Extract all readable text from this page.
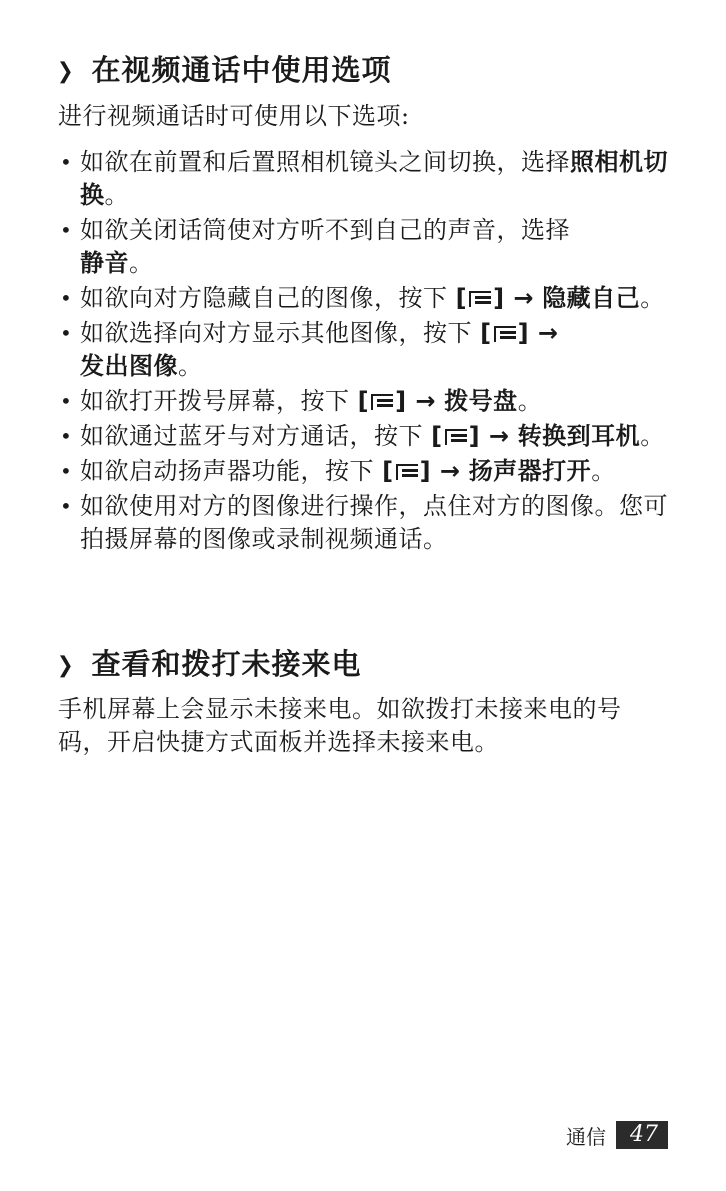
❯ 在视频通话中使用选项
进行视频通话时可使用以下选项:
• 如欲在前置和后置照相机镜头之间切换，选择照相机切换。
• 如欲关闭话筒使对方听不到自己的声音，选择
静音。
• 如欲向对方隐藏自己的图像，按下 [ ] → 隐藏自己。
• 如欲选择向对方显示其他图像，按下 [ ] →
发出图像。
• 如欲打开拨号屏幕，按下 [ ] → 拨号盘。
• 如欲通过蓝牙与对方通话，按下 [ ] → 转换到耳机。
• 如欲启动扬声器功能，按下 [ ] → 扬声器打开。
• 如欲使用对方的图像进行操作，点住对方的图像。您可拍摄屏幕的图像或录制视频通话。
❯ 查看和拨打未接来电
手机屏幕上会显示未接来电。如欲拨打未接来电的号码，开启快捷方式面板并选择未接来电。
通信	47
